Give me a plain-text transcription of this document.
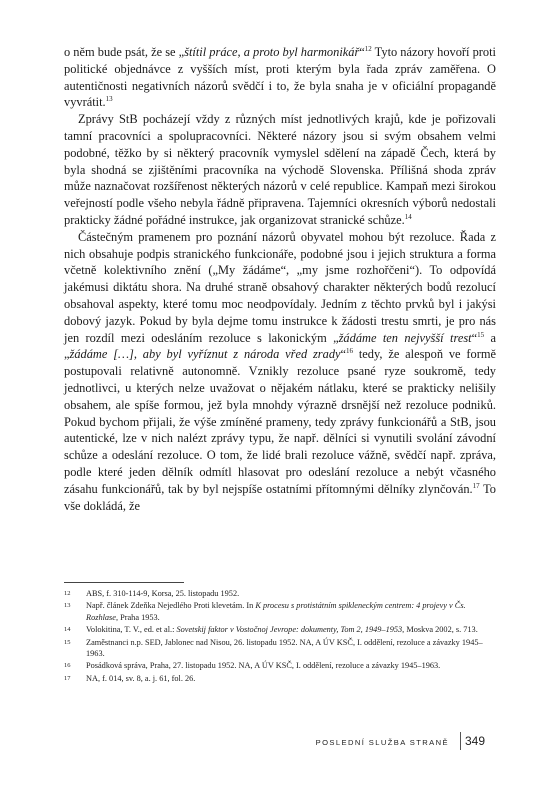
o něm bude psát, že se „štítil práce, a proto byl harmonikář“$^{12}$ Tyto názory hovoří proti politické objednávce z vyšších míst, proti kterým byla řada zpráv zaměřena. O autentičnosti negativních názorů svědčí i to, že byla snaha je v oficiální propagandě vyvrátit.$^{13}$

Zprávy StB pocházejí vždy z různých míst jednotlivých krajů, kde je pořizovali tamní pracovníci a spolupracovníci. Některé názory jsou si svým obsahem velmi podobné, těžko by si některý pracovník vymyslel sdělení na západě Čech, která by byla shodná se zjištěními pracovníka na východě Slovenska. Přílišná shoda zpráv může naznačovat rozšířenost některých názorů v celé republice. Kampaň mezi širokou veřejností podle všeho nebyla řádně připravena. Tajemníci okresních výborů nedostali prakticky žádné pořádné instrukce, jak organizovat stranické schůze.$^{14}$

Částečným pramenem pro poznání názorů obyvatel mohou být rezoluce. Řada z nich obsahuje podpis stranického funkcionáře, podobné jsou i jejich struktura a forma včetně kolektivního znění („My žádáme“, „my jsme rozhořčeni“). To odpovídá jakémusi diktátu shora. Na druhé straně obsahový charakter některých bodů rezolucí obsahoval aspekty, které tomu moc neodpovídaly. Jedním z těchto prvků byl i jakýsi dobový jazyk. Pokud by byla dejme tomu instrukce k žádosti trestu smrti, je pro nás jen rozdíl mezi odesláním rezoluce s lakonickým „žádáme ten nejvyšší trest“$^{15}$ a „žádáme […], aby byl vyříznut z národa vřed zrady“$^{16}$ tedy, že alespoň ve formě postupovali relativně autonomně. Vznikly rezoluce psané ryze soukromě, tedy jednotlivci, u kterých nelze uvažovat o nějakém nátlaku, které se prakticky nelišily obsahem, ale spíše formou, jež byla mnohdy výrazně drsnější než rezoluce podniků. Pokud bychom přijali, že výše zmíněné prameny, tedy zprávy funkcionářů a StB, jsou autentické, lze v nich nalézt zprávy typu, že např. dělníci si vynutili svolání závodní schůze a odeslání rezoluce. O tom, že lidé brali rezoluce vážně, svědčí např. zpráva, podle které jeden dělník odmítl hlasovat pro odeslání rezoluce a nebýt včasného zásahu funkcionářů, tak by byl nejspíše ostatními přítomnými dělníky zlynčován.$^{17}$ To vše dokládá, že

12 ABS, f. 310-114-9, Korsa, 25. listopadu 1952.
13 Např. článek Zdeňka Nejedlého Proti klevetám. In K procesu s protistátním spikleneckým centrem: 4 projevy v Čs. Rozhlase, Praha 1953.
14 Volokitina, T. V., ed. et al.: Sovetskij faktor v Vostočnoj Jevrope: dokumenty, Tom 2, 1949–1953, Moskva 2002, s. 713.
15 Zaměstnanci n.p. SED, Jablonec nad Nisou, 26. listopadu 1952. NA, A ÚV KSČ, I. oddělení, rezoluce a závazky 1945–1963.
16 Posádková správa, Praha, 27. listopadu 1952. NA, A ÚV KSČ, I. oddělení, rezoluce a závazky 1945–1963.
17 NA, f. 014, sv. 8, a. j. 61, fol. 26.
POSLEDNÍ SLUŽBA STRANĚ	349
